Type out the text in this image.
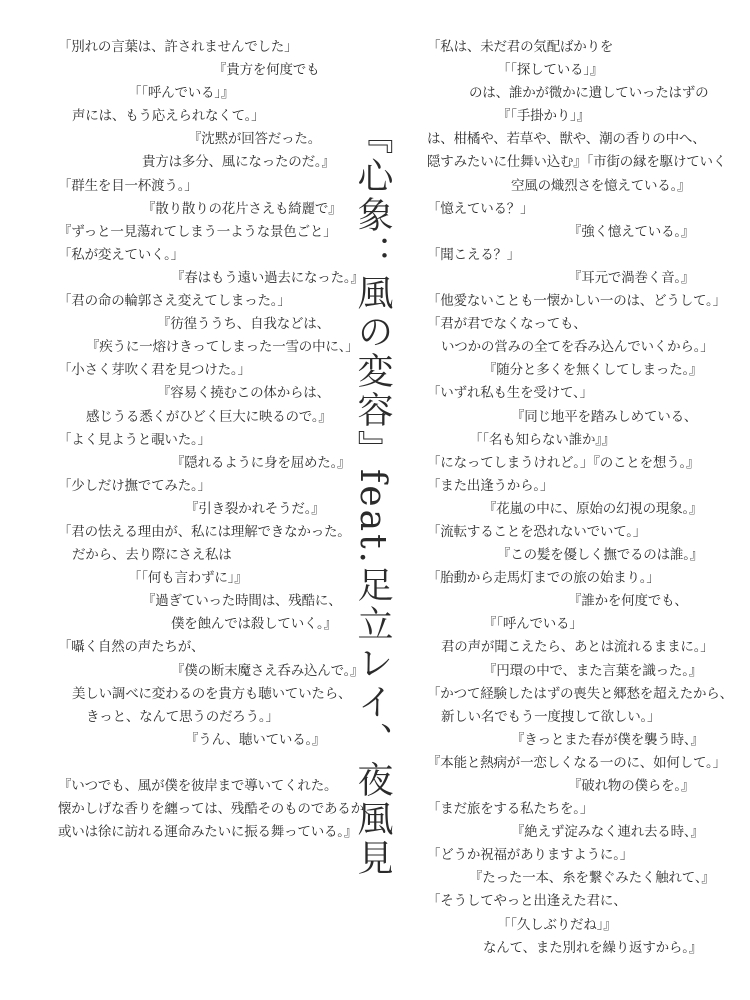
「別れの言葉は、許されませんでした」
『貴方を何度でも
「「呼んでいる」』
声には、もう応えられなくて。」
『沈黙が回答だった。
貴方は多分、風になったのだ。』
「群生を目一杯渡う。」
『散り散りの花片さえも綺麗で』
『ずっと一見蕩れてしまう一ような景色ごと」
「私が変えていく。」
『春はもう遠い過去になった。』
「君の命の輪郭さえ変えてしまった。」
『彷徨ううち、自我などは、
『疾うに一熔けきってしまった一雪の中に、」
「小さく芽吹く君を見つけた。」
『容易く撓むこの体からは、
感じうる悉くがひどく巨大に映るので。』
「よく見ようと覗いた。」
『隠れるように身を屈めた。』
「少しだけ撫でてみた。」
『引き裂かれそうだ。』
「君の怯える理由が、私には理解できなかった。
だから、去り際にさえ私は
「「何も言わずに」』
『過ぎていった時間は、残酷に、
僕を蝕んでは殺していく。』
「囁く自然の声たちが、
『僕の断末魔さえ呑み込んで。』
美しい調べに変わるのを貴方も聴いていたら、
きっと、なんて思うのだろう。」
『うん、聴いている。』
『いつでも、風が僕を彼岸まで導いてくれた。
懐かしげな香りを纏っては、残酷そのものであるか、
或いは徐に訪れる運命みたいに振る舞っている。』
『心象：風の変容』feat.足立レイ、夜風見
「私は、未だ君の気配ばかりを
「「探している」』
のは、誰かが微かに遺していったはずの
『「手掛かり」』
は、柑橘や、若草や、獣や、潮の香りの中へ、
隠すみたいに仕舞い込む』「市街の縁を駆けていく
空風の熾烈さを憶えている。』
「憶えている？」
『強く憶えている。』
「聞こえる？」
『耳元で渦巻く音。』
「他愛ないことも一懐かしい一のは、どうして。」
「君が君でなくなっても、
いつかの営みの全てを呑み込んでいくから。」
『随分と多くを無くしてしまった。』
「いずれ私も生を受けて、」
『同じ地平を踏みしめている、
「「名も知らない誰か』』
「になってしまうけれど。」『のことを想う。』
「また出逢うから。」
『花嵐の中に、原始の幻視の現象。』
「流転することを恐れないでいて。」
『この髪を優しく撫でるのは誰。』
「胎動から走馬灯までの旅の始まり。」
『誰かを何度でも、
『「呼んでいる」
君の声が聞こえたら、あとは流れるままに。」
『円環の中で、また言葉を識った。』
「かつて経験したはずの喪失と郷愁を超えたから、
新しい名でもう一度捜して欲しい。」
『きっとまた春が僕を襲う時、』
『本能と熱病が一恋しくなる一のに、如何して。」
『破れ物の僕らを。』
「まだ旅をする私たちを。」
『絶えず淀みなく連れ去る時、』
「どうか祝福がありますように。」
『たった一本、糸を繋ぐみたく触れて、』
「そうしてやっと出逢えた君に、
「「久しぶりだね」』
なんて、また別れを繰り返すから。』
